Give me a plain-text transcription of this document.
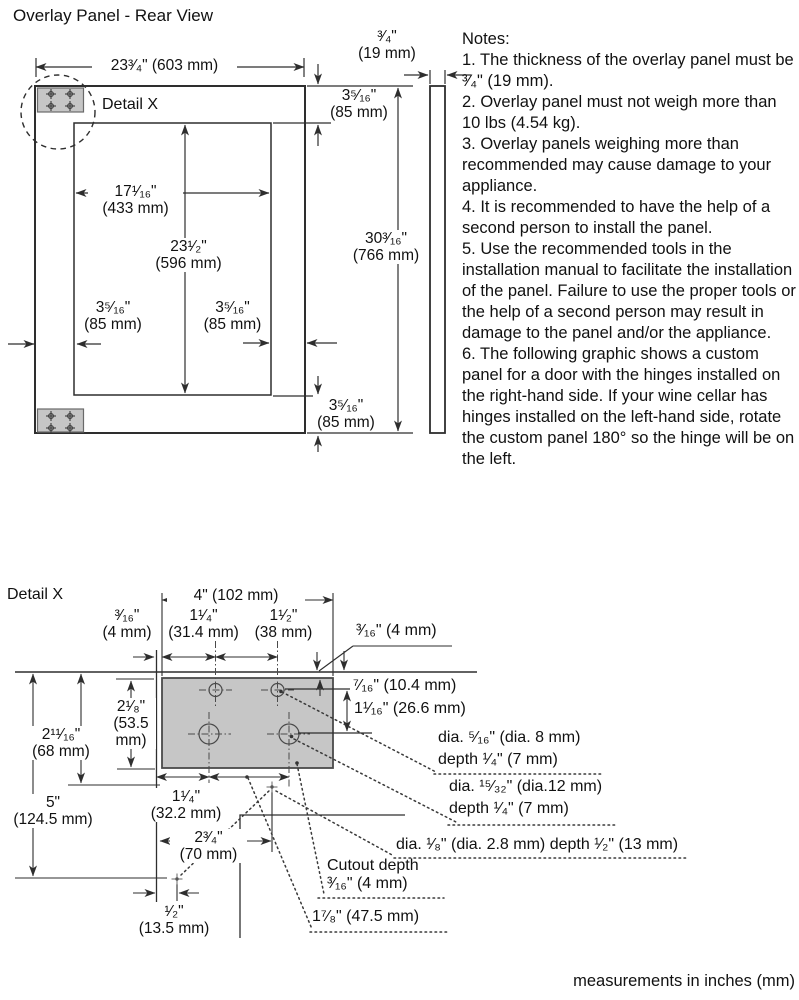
Overlay Panel - Rear View
23³⁄₄" (603 mm)
Detail X
³⁄₄"
(19 mm)
3⁵⁄₁₆"
(85 mm)
17¹⁄₁₆"
(433 mm)
23¹⁄₂"
(596 mm)
30³⁄₁₆"
(766 mm)
3⁵⁄₁₆"
(85 mm)
3⁵⁄₁₆"
(85 mm)
3⁵⁄₁₆"
(85 mm)
Notes:
1. The thickness of the overlay panel must be ³⁄₄" (19 mm).
2. Overlay panel must not weigh more than 10 lbs (4.54 kg).
3. Overlay panels weighing more than recommended may cause damage to your appliance.
4. It is recommended to have the help of a second person to install the panel.
5. Use the recommended tools in the installation manual to facilitate the installation of the panel. Failure to use the proper tools or the help of a second person may result in damage to the panel and/or the appliance.
6. The following graphic shows a custom panel for a door with the hinges installed on the right-hand side. If your wine cellar has hinges installed on the left-hand side, rotate the custom panel 180° so the hinge will be on the left.
Detail X	4" (102 mm)
³⁄₁₆"
(4 mm)
1¹⁄₄"
(31.4 mm)
1¹⁄₂"
(38 mm)	³⁄₁₆" (4 mm)
⁷⁄₁₆" (10.4 mm)
1¹⁄₁₆" (26.6 mm)
2¹⁄₈"
(53.5
mm)
2¹¹⁄₁₆"
(68 mm)
5"
(124.5 mm)
1¹⁄₄"
(32.2 mm)
2³⁄₄"
(70 mm)
¹⁄₂"
(13.5 mm)
dia. ⁵⁄₁₆" (dia. 8 mm)
depth ¹⁄₄" (7 mm)
dia. ¹⁵⁄₃₂" (dia.12 mm)
depth ¹⁄₄" (7 mm)
dia. ¹⁄₈" (dia. 2.8 mm) depth ¹⁄₂" (13 mm)
Cutout depth
³⁄₁₆" (4 mm)
1⁷⁄₈" (47.5 mm)
measurements in inches (mm)
